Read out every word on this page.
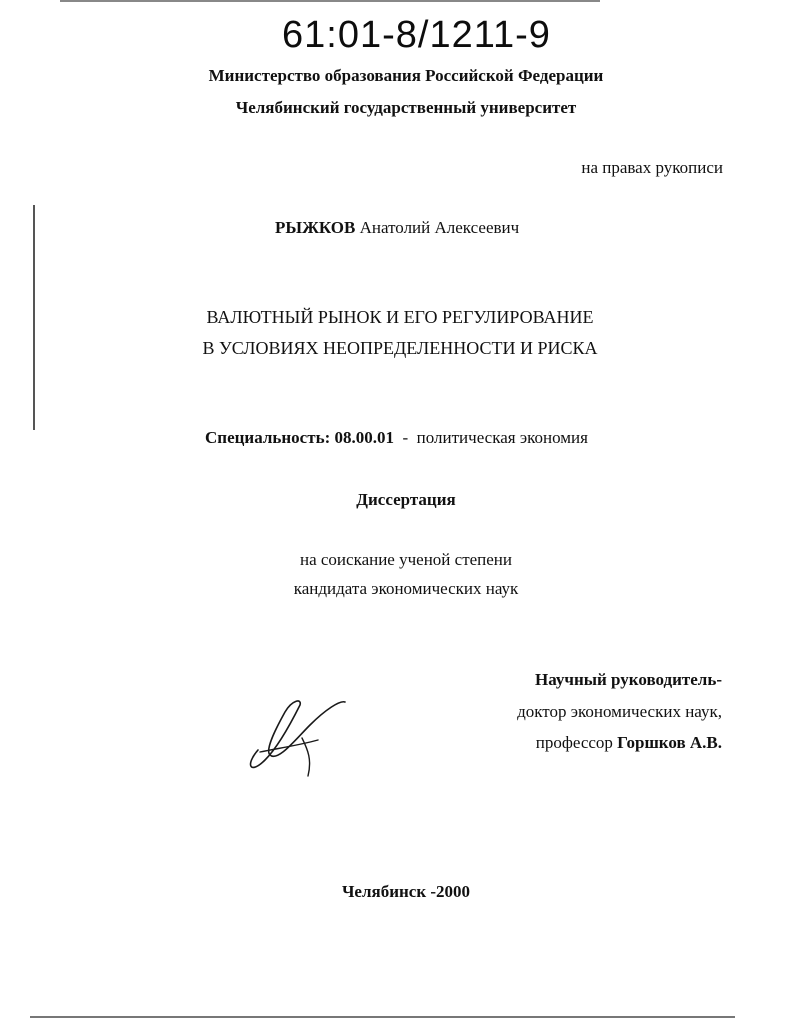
61:01-8/1211-9
Министерство образования Российской Федерации
Челябинский государственный университет
на правах рукописи
РЫЖКОВ Анатолий Алексеевич
ВАЛЮТНЫЙ РЫНОК И ЕГО РЕГУЛИРОВАНИЕ
В УСЛОВИЯХ НЕОПРЕДЕЛЕННОСТИ И РИСКА
Специальность: 08.00.01 - политическая экономия
Диссертация
на соискание ученой степени
кандидата экономических наук
Научный руководитель-
доктор экономических наук,
профессор Горшков А.В.
Челябинск -2000
